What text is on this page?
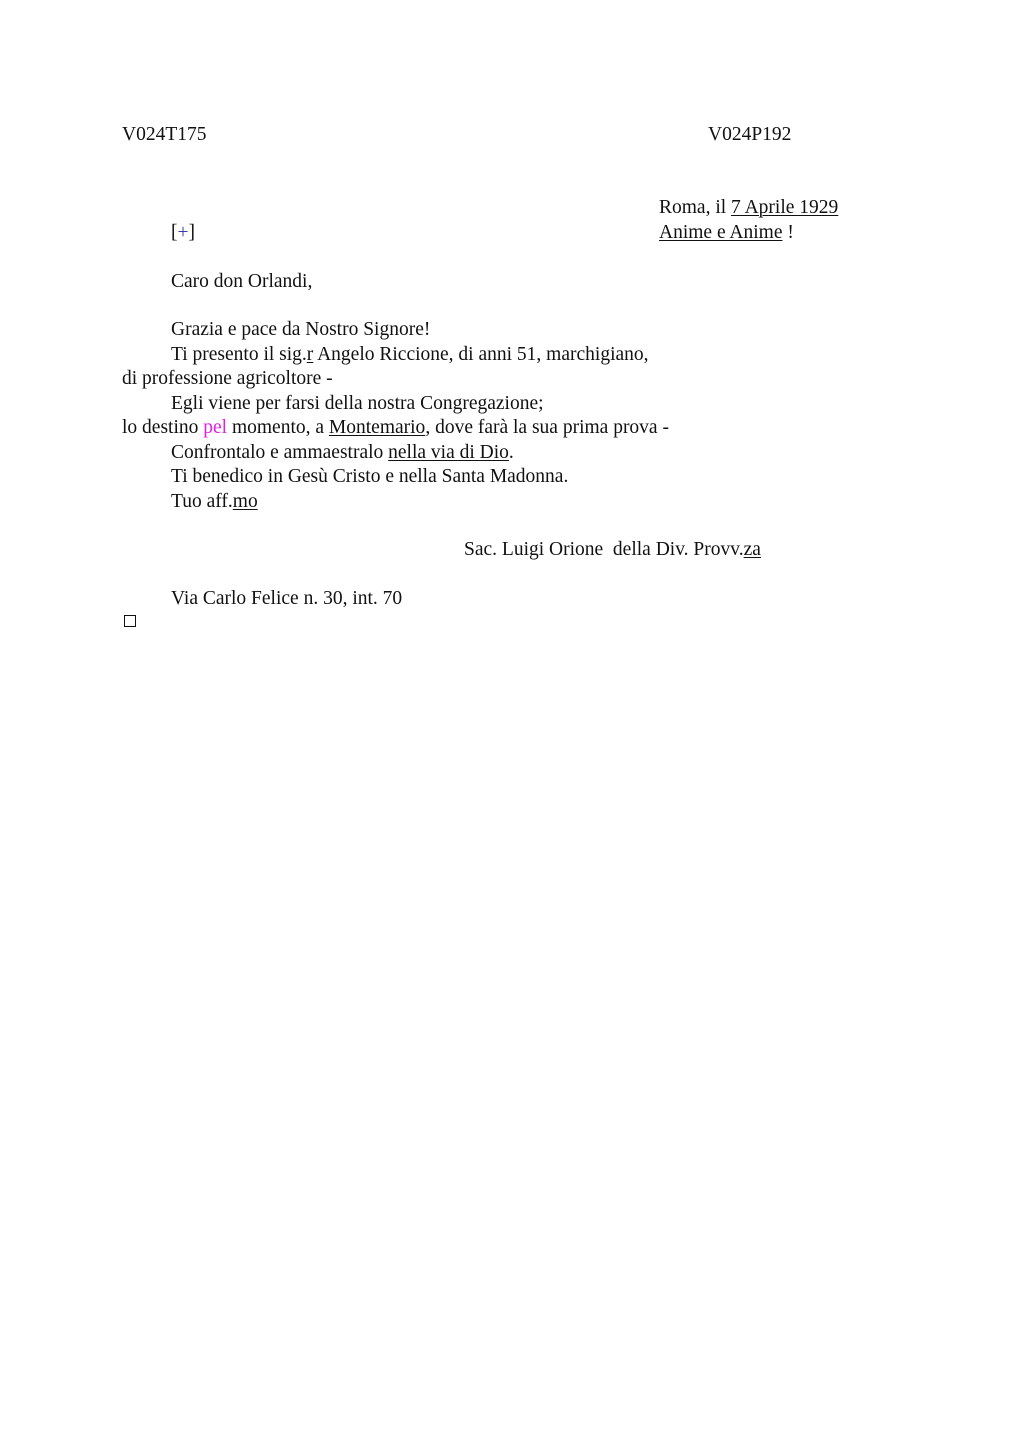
V024T175	V024P192
Roma, il 7 Aprile 1929
[+]	Anime e Anime !
Caro don Orlandi,
Grazia e pace da Nostro Signore!
Ti presento il sig.r Angelo Riccione, di anni 51, marchigiano,
di professione agricoltore -
Egli viene per farsi della nostra Congregazione;
lo destino pel momento, a Montemario, dove farà la sua prima prova -
Confrontalo e ammaestralo nella via di Dio.
Ti benedico in Gesù Cristo e nella Santa Madonna.
Tuo aff.mo
Sac. Luigi Orione  della Div. Provv.za
Via Carlo Felice n. 30, int. 70
